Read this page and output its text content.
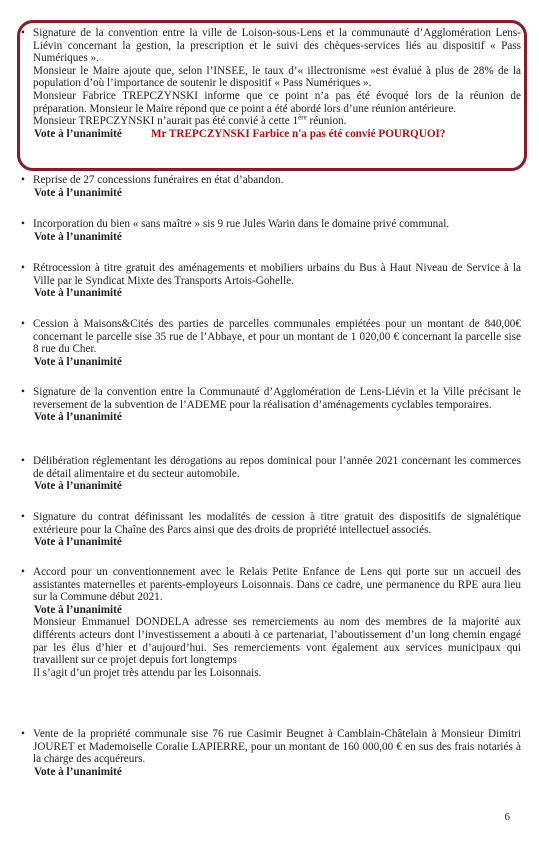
• Signature de la convention entre la ville de Loison-sous-Lens et la communauté d’Agglomération Lens-Liévin concernant la gestion, la prescription et le suivi des chèques-services liés au dispositif « Pass Numériques ».

Monsieur le Maire ajoute que, selon l’INSEE, le taux d’« illectronisme »est évalué à plus de 28% de la population d’où l’importance de soutenir le dispositif « Pass Numériques ».

Monsieur Fabrice TREPCZYNSKI informe que ce point n’a pas été évoqué lors de la réunion de préparation. Monsieur le Maire répond que ce point a été abordé lors d’une réunion antérieure.

Monsieur TREPCZYNSKI n’aurait pas été convié à cette 1ère réunion.

Vote à l’unanimité	Mr TREPCZYNSKI Farbice n'a pas été convié POURQUOI?
• Reprise de 27 concessions funéraires en état d’abandon.

Vote à l’unanimité

• Incorporation du bien « sans maître » sis 9 rue Jules Warin dans le domaine privé communal.

Vote à l’unanimité

• Rétrocession à titre gratuit des aménagements et mobiliers urbains du Bus à Haut Niveau de Service à la Ville par le Syndicat Mixte des Transports Artois-Gohelle.

Vote à l’unanimité

• Cession à Maisons&Cités des parties de parcelles communales empiétées pour un montant de 840,00€ concernant le parcelle sise 35 rue de l’Abbaye, et pour un montant de 1 020,00 € concernant la parcelle sise 8 rue du Cher.

Vote à l’unanimité

• Signature de la convention entre la Communauté d’Agglomération de Lens-Liévin et la Ville précisant le reversement de la subvention de l’ADEME pour la réalisation d’aménagements cyclables temporaires.

Vote à l’unanimité

• Délibération réglementant les dérogations au repos dominical pour l’année 2021 concernant les commerces de détail alimentaire et du secteur automobile.

Vote à l’unanimité

• Signature du contrat définissant les modalités de cession à titre gratuit des dispositifs de signalétique extérieure pour la Chaîne des Parcs ainsi que des droits de propriété intellectuel associés.

Vote à l’unanimité

• Accord pour un conventionnement avec le Relais Petite Enfance de Lens qui porte sur un accueil des assistantes maternelles et parents-employeurs Loisonnais. Dans ce cadre, une permanence du RPE aura lieu sur la Commune début 2021.

Vote à l’unanimité

Monsieur Emmanuel DONDELA adresse ses remerciements au nom des membres de la majorité aux différents acteurs dont l’investissement a abouti à ce partenariat, l’aboutissement d’un long chemin engagé par les élus d’hier et d’aujourd’hui. Ses remerciements vont également aux services municipaux qui travaillent sur ce projet depuis fort longtemps

Il s’agit d’un projet très attendu par les Loisonnais.

• Vente de la propriété communale sise 76 rue Casimir Beugnet à Camblain-Châtelain à Monsieur Dimitri JOURET et Mademoiselle Coralie LAPIERRE, pour un montant de 160 000,00 € en sus des frais notariés à la charge des acquéreurs.

Vote à l’unanimité

6
